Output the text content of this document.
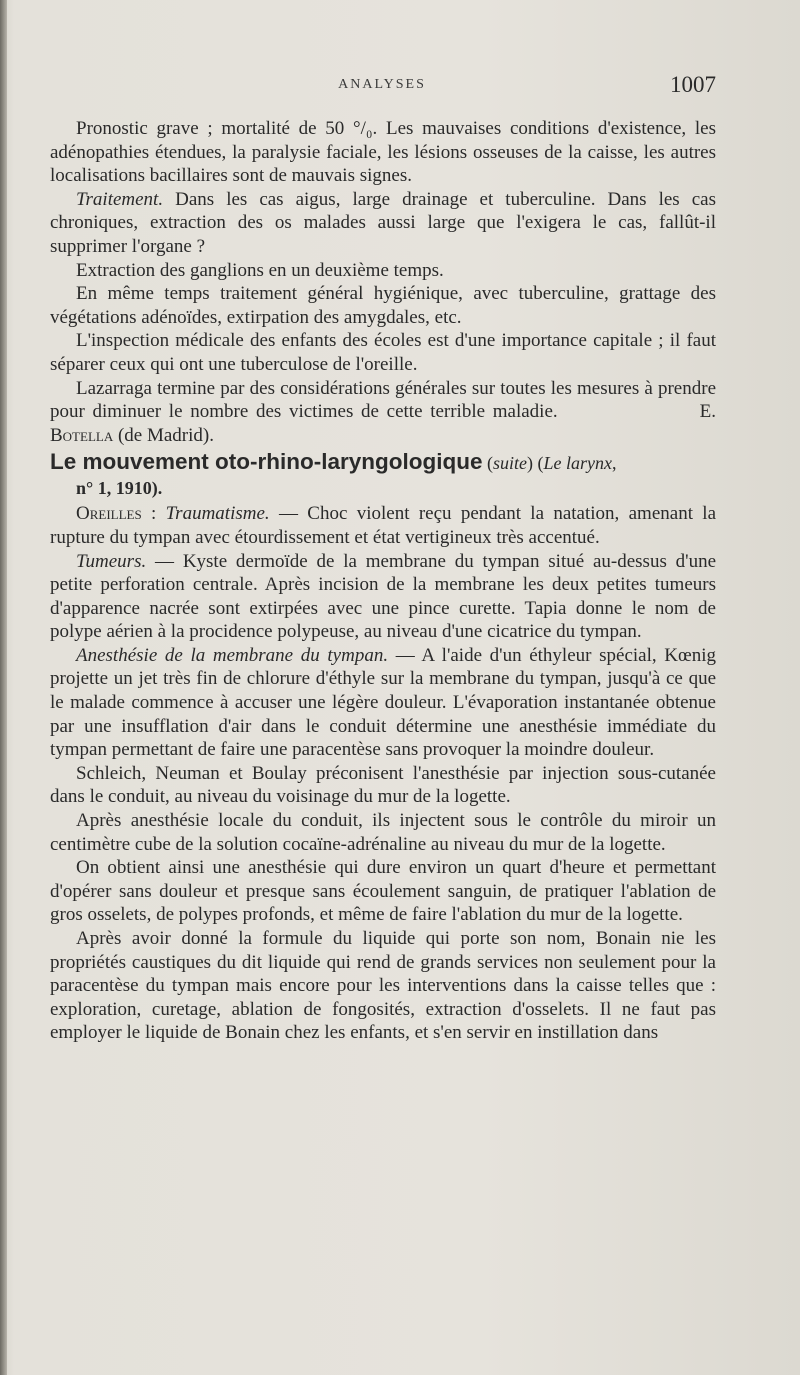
ANALYSES	1007

Pronostic grave ; mortalité de 50 °/₀. Les mauvaises conditions d'existence, les adénopathies étendues, la paralysie faciale, les lésions osseuses de la caisse, les autres localisations bacillaires sont de mauvais signes.

Traitement. Dans les cas aigus, large drainage et tuberculine. Dans les cas chroniques, extraction des os malades aussi large que l'exigera le cas, fallût-il supprimer l'organe ?

Extraction des ganglions en un deuxième temps.

En même temps traitement général hygiénique, avec tuberculine, grattage des végétations adénoïdes, extirpation des amygdales, etc.

L'inspection médicale des enfants des écoles est d'une importance capitale ; il faut séparer ceux qui ont une tuberculose de l'oreille.

Lazarraga termine par des considérations générales sur toutes les mesures à prendre pour diminuer le nombre des victimes de cette terrible maladie.	E. Botella (de Madrid).

Le mouvement oto-rhino-laryngologique (suite) (Le larynx,
n° 1, 1910).

Oreilles : Traumatisme. — Choc violent reçu pendant la natation, amenant la rupture du tympan avec étourdissement et état vertigineux très accentué.

Tumeurs. — Kyste dermoïde de la membrane du tympan situé au-dessus d'une petite perforation centrale. Après incision de la membrane les deux petites tumeurs d'apparence nacrée sont extirpées avec une pince curette. Tapia donne le nom de polype aérien à la procidence polypeuse, au niveau d'une cicatrice du tympan.

Anesthésie de la membrane du tympan. — A l'aide d'un éthyleur spécial, Kœnig projette un jet très fin de chlorure d'éthyle sur la membrane du tympan, jusqu'à ce que le malade commence à accuser une légère douleur. L'évaporation instantanée obtenue par une insufflation d'air dans le conduit détermine une anesthésie immédiate du tympan permettant de faire une paracentèse sans provoquer la moindre douleur.

Schleich, Neuman et Boulay préconisent l'anesthésie par injection sous-cutanée dans le conduit, au niveau du voisinage du mur de la logette.

Après anesthésie locale du conduit, ils injectent sous le contrôle du miroir un centimètre cube de la solution cocaïne-adrénaline au niveau du mur de la logette.

On obtient ainsi une anesthésie qui dure environ un quart d'heure et permettant d'opérer sans douleur et presque sans écoulement sanguin, de pratiquer l'ablation de gros osselets, de polypes profonds, et même de faire l'ablation du mur de la logette.

Après avoir donné la formule du liquide qui porte son nom, Bonain nie les propriétés caustiques du dit liquide qui rend de grands services non seulement pour la paracentèse du tympan mais encore pour les interventions dans la caisse telles que : exploration, curetage, ablation de fongosités, extraction d'osselets. Il ne faut pas employer le liquide de Bonain chez les enfants, et s'en servir en instillation dans
